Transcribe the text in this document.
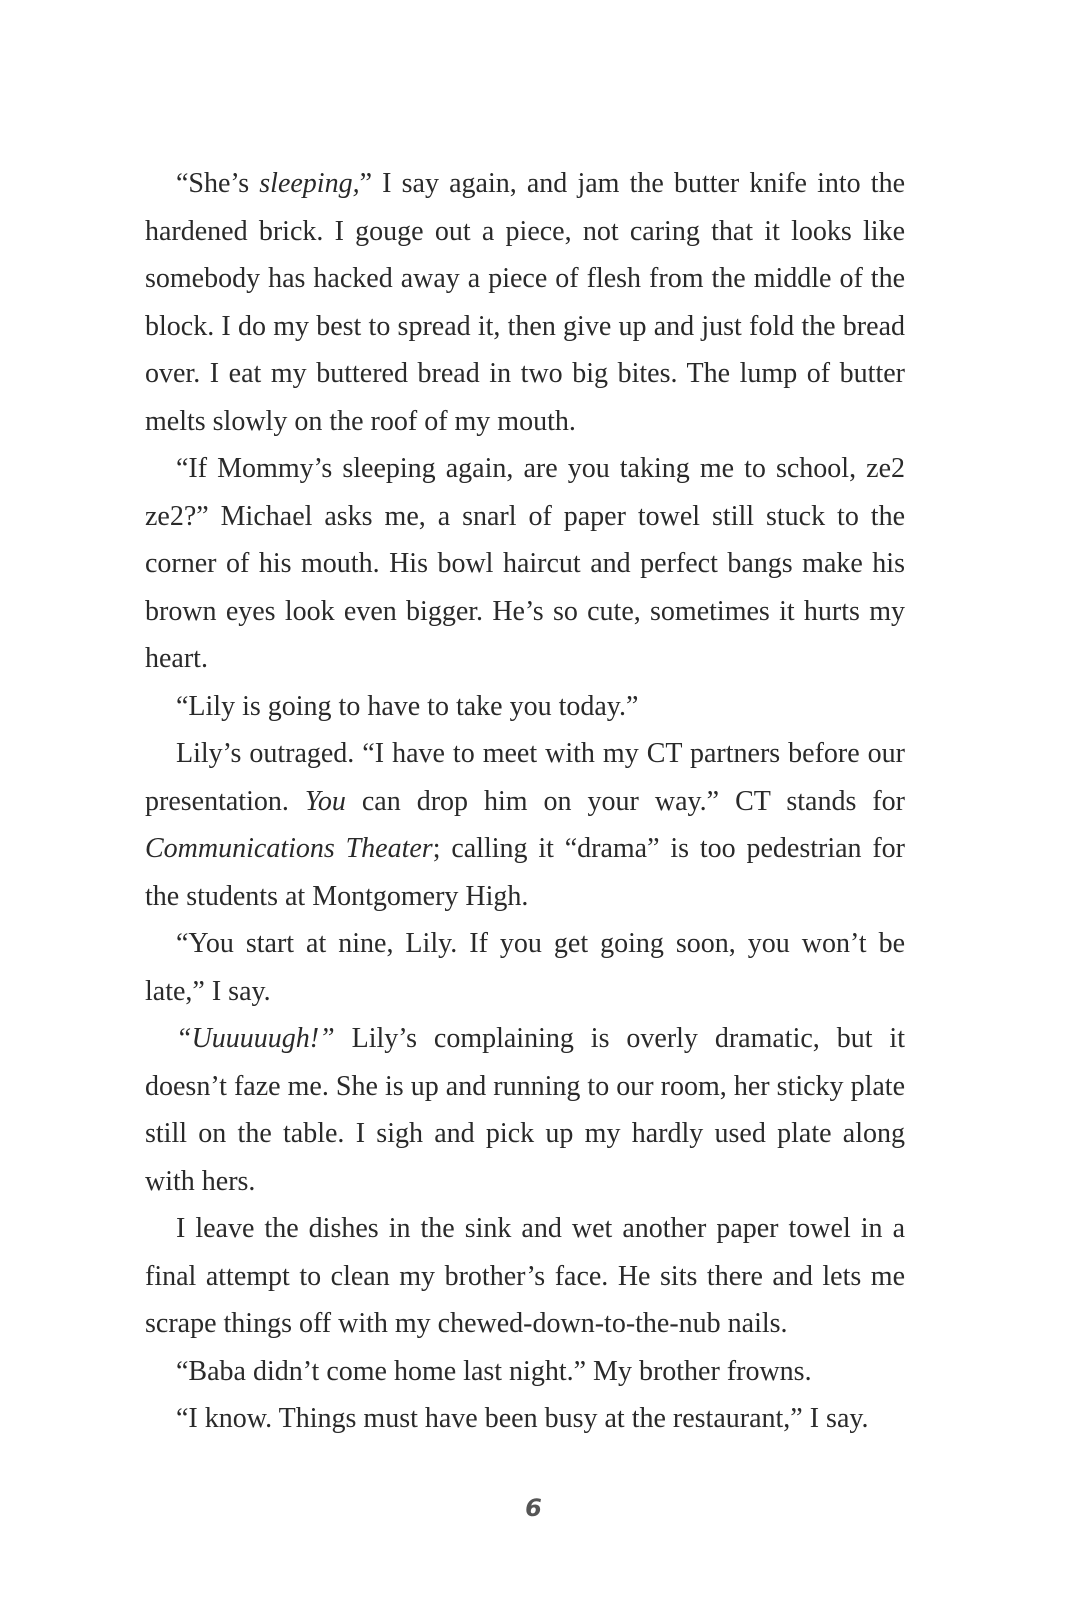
“She’s sleeping,” I say again, and jam the butter knife into the hardened brick. I gouge out a piece, not caring that it looks like somebody has hacked away a piece of flesh from the middle of the block. I do my best to spread it, then give up and just fold the bread over. I eat my buttered bread in two big bites. The lump of butter melts slowly on the roof of my mouth.

“If Mommy’s sleeping again, are you taking me to school, ze2 ze2?” Michael asks me, a snarl of paper towel still stuck to the corner of his mouth. His bowl haircut and perfect bangs make his brown eyes look even bigger. He’s so cute, sometimes it hurts my heart.

“Lily is going to have to take you today.”

Lily’s outraged. “I have to meet with my CT partners before our presentation. You can drop him on your way.” CT stands for Communications Theater; calling it “drama” is too pedestrian for the students at Montgomery High.

“You start at nine, Lily. If you get going soon, you won’t be late,” I say.

“Uuuuuugh!” Lily’s complaining is overly dramatic, but it doesn’t faze me. She is up and running to our room, her sticky plate still on the table. I sigh and pick up my hardly used plate along with hers.

I leave the dishes in the sink and wet another paper towel in a final attempt to clean my brother’s face. He sits there and lets me scrape things off with my chewed-down-to-the-nub nails.

“Baba didn’t come home last night.” My brother frowns.

“I know. Things must have been busy at the restaurant,” I say.

6
